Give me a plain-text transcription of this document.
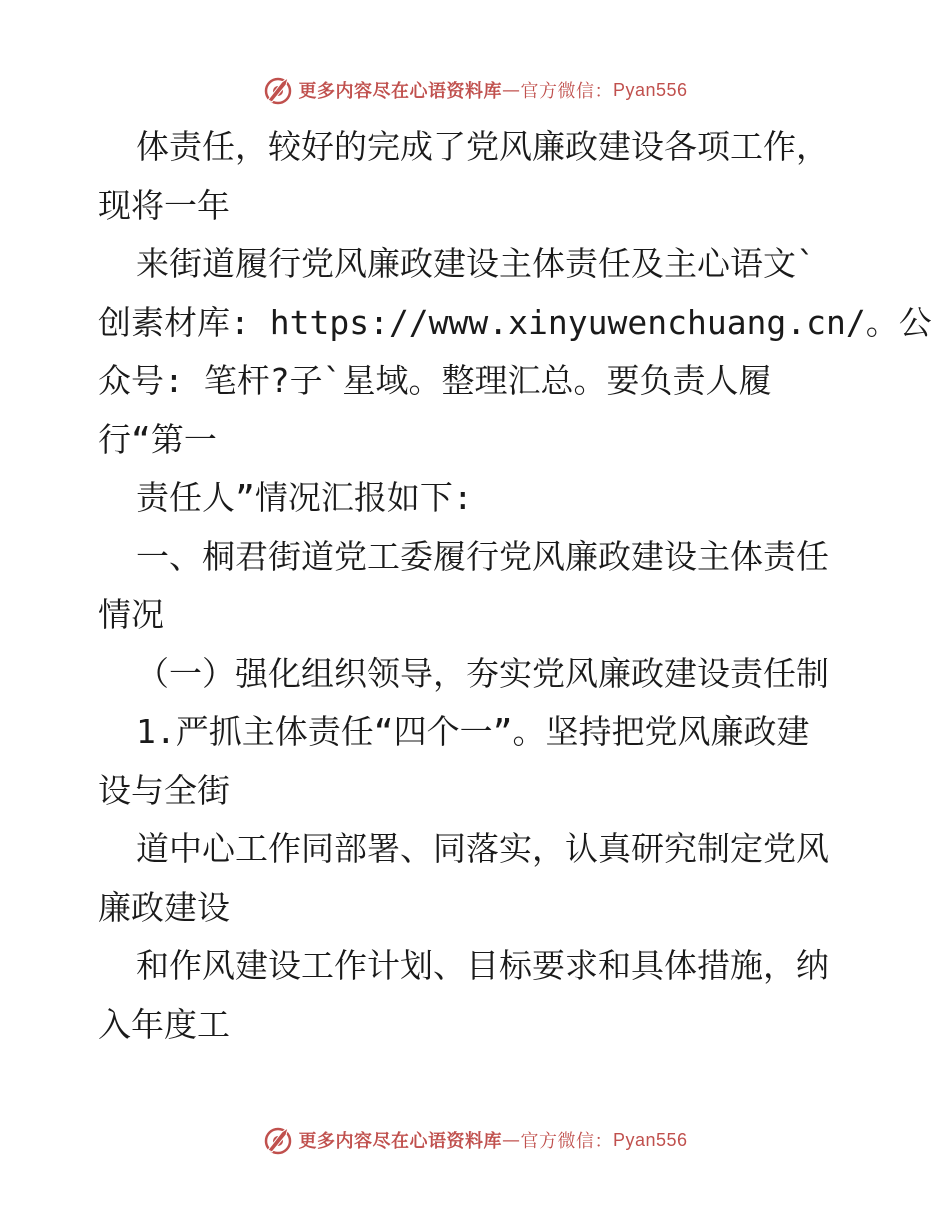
更多内容尽在心语资料库 — 官方微信： Pyan556
体责任，较好的完成了党风廉政建设各项工作，
现将一年
来街道履行党风廉政建设主体责任及主心语文`
创素材库: https://www.xinyuwenchuang.cn/。公
众号: 笔杆?子`星域。整理汇总。要负责人履
行“第一
责任人”情况汇报如下:
一、桐君街道党工委履行党风廉政建设主体责任
情况
（一）强化组织领导，夯实党风廉政建设责任制
1.严抓主体责任“四个一”。坚持把党风廉政建
设与全街
道中心工作同部署、同落实，认真研究制定党风
廉政建设
和作风建设工作计划、目标要求和具体措施，纳
入年度工
更多内容尽在心语资料库 — 官方微信： Pyan556
